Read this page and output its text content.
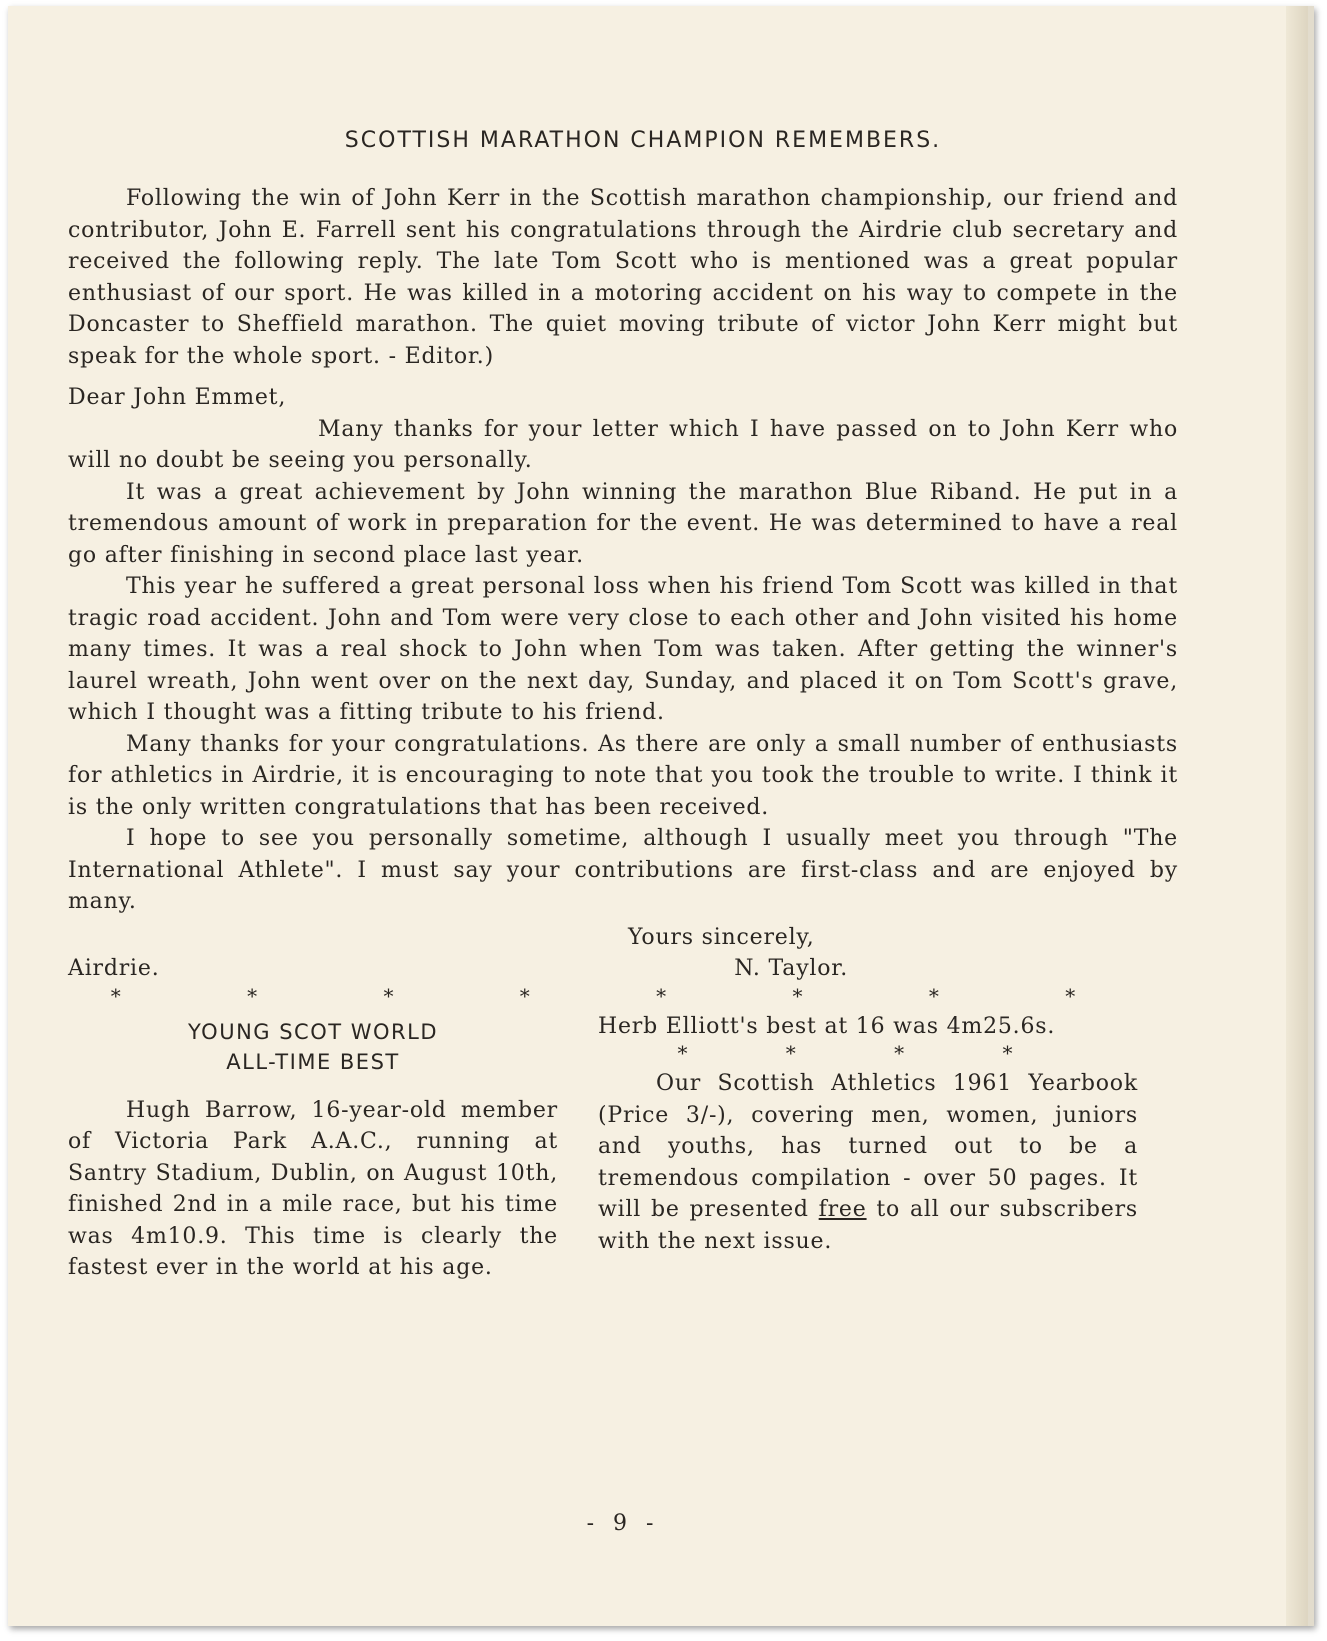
SCOTTISH MARATHON CHAMPION REMEMBERS.

Following the win of John Kerr in the Scottish marathon championship, our friend and contributor, John E. Farrell sent his congratulations through the Airdrie club secretary and received the following reply. The late Tom Scott who is mentioned was a great popular enthusiast of our sport. He was killed in a motoring accident on his way to compete in the Doncaster to Sheffield marathon. The quiet moving tribute of victor John Kerr might but speak for the whole sport. - Editor.)

Dear John Emmet,

Many thanks for your letter which I have passed on to John Kerr who will no doubt be seeing you personally.

It was a great achievement by John winning the marathon Blue Riband. He put in a tremendous amount of work in preparation for the event. He was determined to have a real go after finishing in second place last year.

This year he suffered a great personal loss when his friend Tom Scott was killed in that tragic road accident. John and Tom were very close to each other and John visited his home many times. It was a real shock to John when Tom was taken. After getting the winner's laurel wreath, John went over on the next day, Sunday, and placed it on Tom Scott's grave, which I thought was a fitting tribute to his friend.

Many thanks for your congratulations. As there are only a small number of enthusiasts for athletics in Airdrie, it is encouraging to note that you took the trouble to write. I think it is the only written congratulations that has been received.

I hope to see you personally sometime, although I usually meet you through "The International Athlete". I must say your contributions are first-class and are enjoyed by many.

Yours sincerely,
Airdrie.	N. Taylor.
* * * * * * * *
YOUNG SCOT WORLD
ALL-TIME BEST

Hugh Barrow, 16-year-old member of Victoria Park A.A.C., running at Santry Stadium, Dublin, on August 10th, finished 2nd in a mile race, but his time was 4m10.9. This time is clearly the fastest ever in the world at his age.

Herb Elliott's best at 16 was 4m25.6s.

* * * *

Our Scottish Athletics 1961 Yearbook (Price 3/-), covering men, women, juniors and youths, has turned out to be a tremendous compilation - over 50 pages. It will be presented free to all our subscribers with the next issue.

- 9 -
